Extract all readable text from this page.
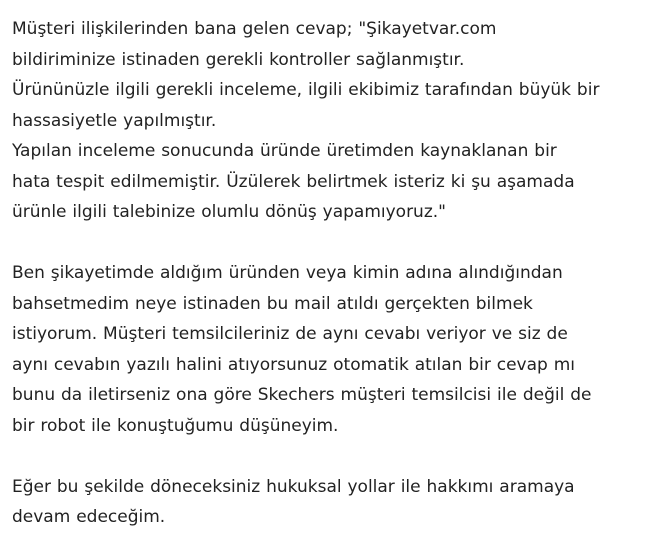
Müşteri ilişkilerinden bana gelen cevap; "Şikayetvar.com
bildiriminize istinaden gerekli kontroller sağlanmıştır.
Ürününüzle ilgili gerekli inceleme, ilgili ekibimiz tarafından büyük bir
hassasiyetle yapılmıştır.
Yapılan inceleme sonucunda üründe üretimden kaynaklanan bir
hata tespit edilmemiştir. Üzülerek belirtmek isteriz ki şu aşamada
ürünle ilgili talebinize olumlu dönüş yapamıyoruz."

Ben şikayetimde aldığım üründen veya kimin adına alındığından
bahsetmedim neye istinaden bu mail atıldı gerçekten bilmek
istiyorum. Müşteri temsilcileriniz de aynı cevabı veriyor ve siz de
aynı cevabın yazılı halini atıyorsunuz otomatik atılan bir cevap mı
bunu da iletirseniz ona göre Skechers müşteri temsilcisi ile değil de
bir robot ile konuştuğumu düşüneyim.

Eğer bu şekilde döneceksiniz hukuksal yollar ile hakkımı aramaya
devam edeceğim.
